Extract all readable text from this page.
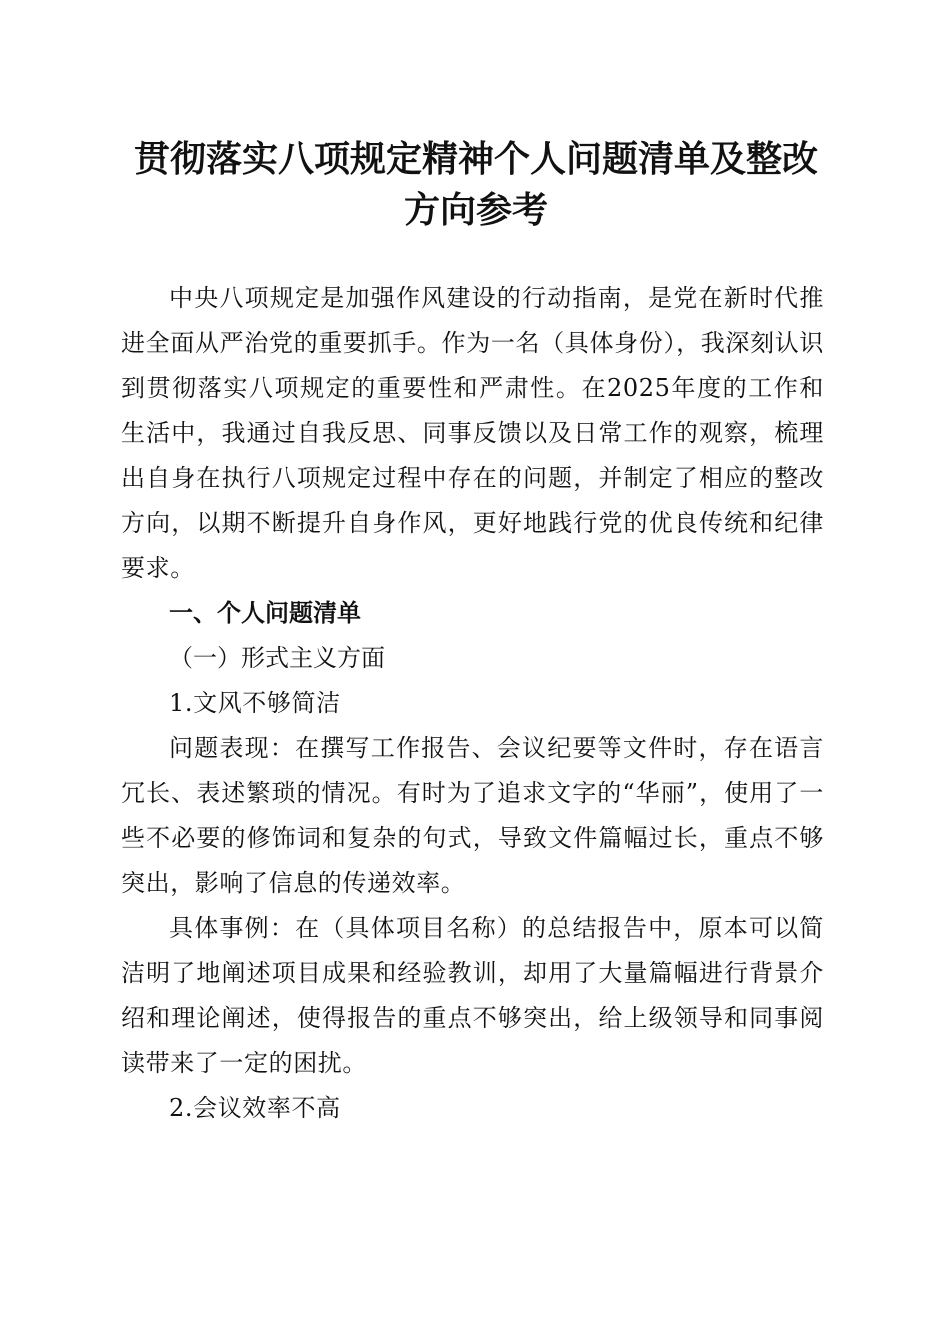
贯彻落实八项规定精神个人问题清单及整改方向参考

中央八项规定是加强作风建设的行动指南，是党在新时代推进全面从严治党的重要抓手。作为一名（具体身份），我深刻认识到贯彻落实八项规定的重要性和严肃性。在2025年度的工作和生活中，我通过自我反思、同事反馈以及日常工作的观察，梳理出自身在执行八项规定过程中存在的问题，并制定了相应的整改方向，以期不断提升自身作风，更好地践行党的优良传统和纪律要求。

一、个人问题清单

（一）形式主义方面

1.文风不够简洁

问题表现：在撰写工作报告、会议纪要等文件时，存在语言冗长、表述繁琐的情况。有时为了追求文字的“华丽”，使用了一些不必要的修饰词和复杂的句式，导致文件篇幅过长，重点不够突出，影响了信息的传递效率。

具体事例：在（具体项目名称）的总结报告中，原本可以简洁明了地阐述项目成果和经验教训，却用了大量篇幅进行背景介绍和理论阐述，使得报告的重点不够突出，给上级领导和同事阅读带来了一定的困扰。

2.会议效率不高
